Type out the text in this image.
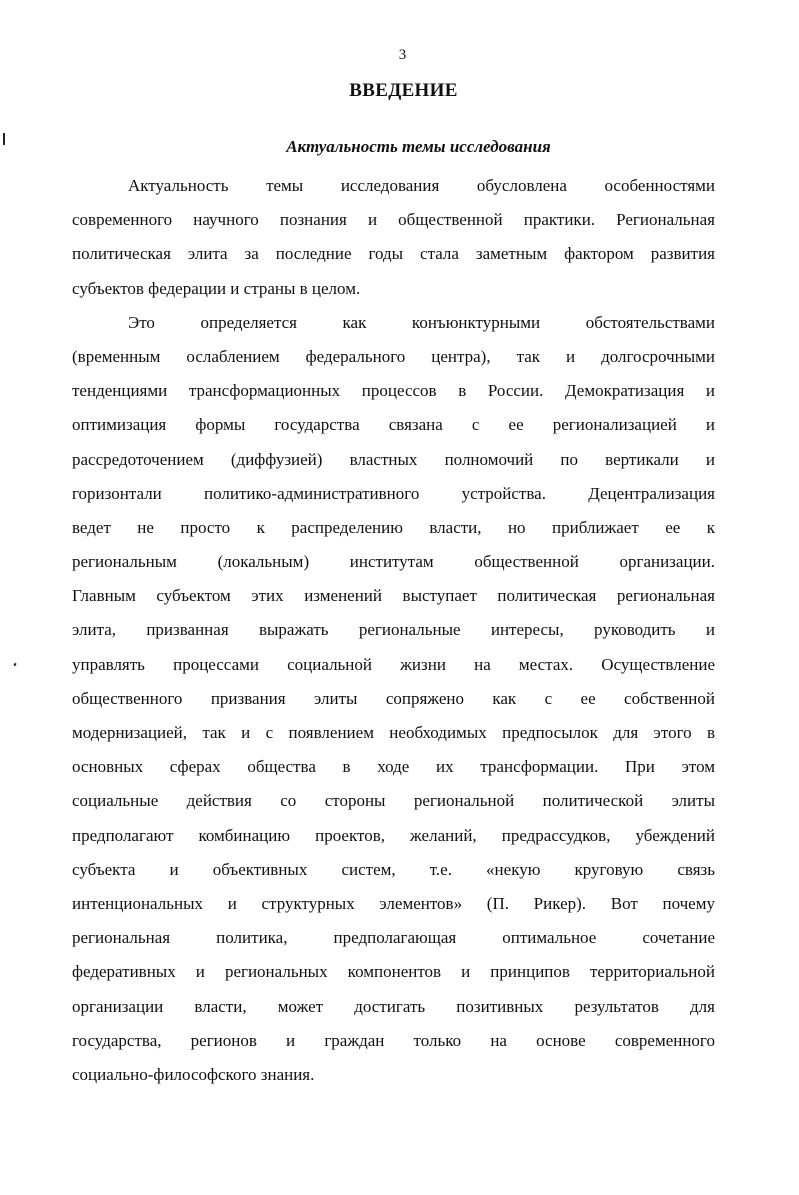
3
ВВЕДЕНИЕ
Актуальность темы исследования
Актуальность темы исследования обусловлена особенностями
современного научного познания и общественной практики. Региональная
политическая элита за последние годы стала заметным фактором развития
субъектов федерации и страны в целом.
Это определяется как конъюнктурными обстоятельствами
(временным ослаблением федерального центра), так и долгосрочными
тенденциями трансформационных процессов в России. Демократизация и
оптимизация формы государства связана с ее регионализацией и
рассредоточением (диффузией) властных полномочий по вертикали и
горизонтали политико-административного устройства. Децентрализация
ведет не просто к распределению власти, но приближает ее к
региональным (локальным) институтам общественной организации.
Главным субъектом этих изменений выступает политическая региональная
элита, призванная выражать региональные интересы, руководить и
управлять процессами социальной жизни на местах. Осуществление
общественного призвания элиты сопряжено как с ее собственной
модернизацией, так и с появлением необходимых предпосылок для этого в
основных сферах общества в ходе их трансформации. При этом
социальные действия со стороны региональной политической элиты
предполагают комбинацию проектов, желаний, предрассудков, убеждений
субъекта и объективных систем, т.е. «некую круговую связь
интенциональных и структурных элементов» (П. Рикер). Вот почему
региональная политика, предполагающая оптимальное сочетание
федеративных и региональных компонентов и принципов территориальной
организации власти, может достигать позитивных результатов для
государства, регионов и граждан только на основе современного
социально-философского знания.
